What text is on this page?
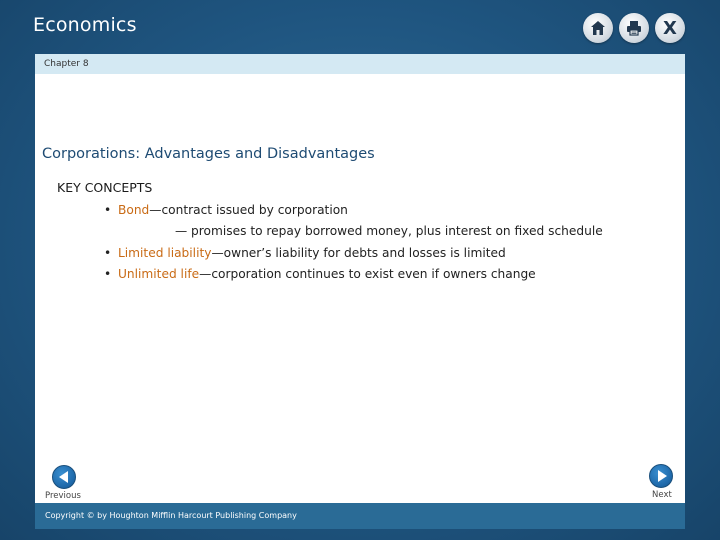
Economics	X
Chapter 8
Corporations: Advantages and Disadvantages
KEY CONCEPTS
• Bond—contract issued by corporation
— promises to repay borrowed money, plus interest on fixed schedule
• Limited liability—owner’s liability for debts and losses is limited
• Unlimited life—corporation continues to exist even if owners change
Previous	Next
Copyright © by Houghton Mifflin Harcourt Publishing Company
